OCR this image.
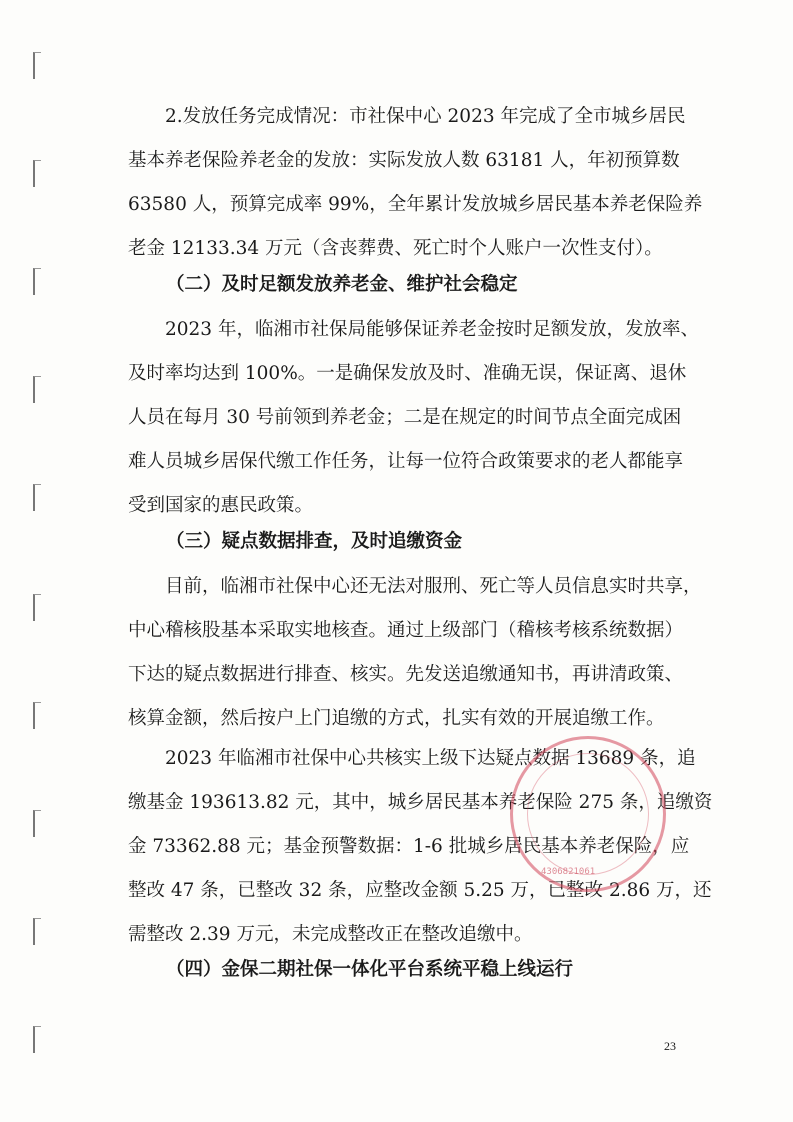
2.发放任务完成情况：市社保中心 2023 年完成了全市城乡居民
基本养老保险养老金的发放：实际发放人数 63181 人，年初预算数
63580 人，预算完成率 99%，全年累计发放城乡居民基本养老保险养
老金 12133.34 万元（含丧葬费、死亡时个人账户一次性支付）。

（二）及时足额发放养老金、维护社会稳定

2023 年，临湘市社保局能够保证养老金按时足额发放，发放率、
及时率均达到 100%。一是确保发放及时、准确无误，保证离、退休
人员在每月 30 号前领到养老金；二是在规定的时间节点全面完成困
难人员城乡居保代缴工作任务，让每一位符合政策要求的老人都能享
受到国家的惠民政策。

（三）疑点数据排查，及时追缴资金

目前，临湘市社保中心还无法对服刑、死亡等人员信息实时共享，
中心稽核股基本采取实地核查。通过上级部门（稽核考核系统数据）
下达的疑点数据进行排查、核实。先发送追缴通知书，再讲清政策、
核算金额，然后按户上门追缴的方式，扎实有效的开展追缴工作。

2023 年临湘市社保中心共核实上级下达疑点数据 13689 条，追
缴基金 193613.82 元，其中，城乡居民基本养老保险 275 条，追缴资
金 73362.88 元；基金预警数据：1-6 批城乡居民基本养老保险，应
整改 47 条，已整改 32 条，应整改金额 5.25 万，已整改 2.86 万，还
需整改 2.39 万元，未完成整改正在整改追缴中。

（四）金保二期社保一体化平台系统平稳上线运行
4306821061
23
